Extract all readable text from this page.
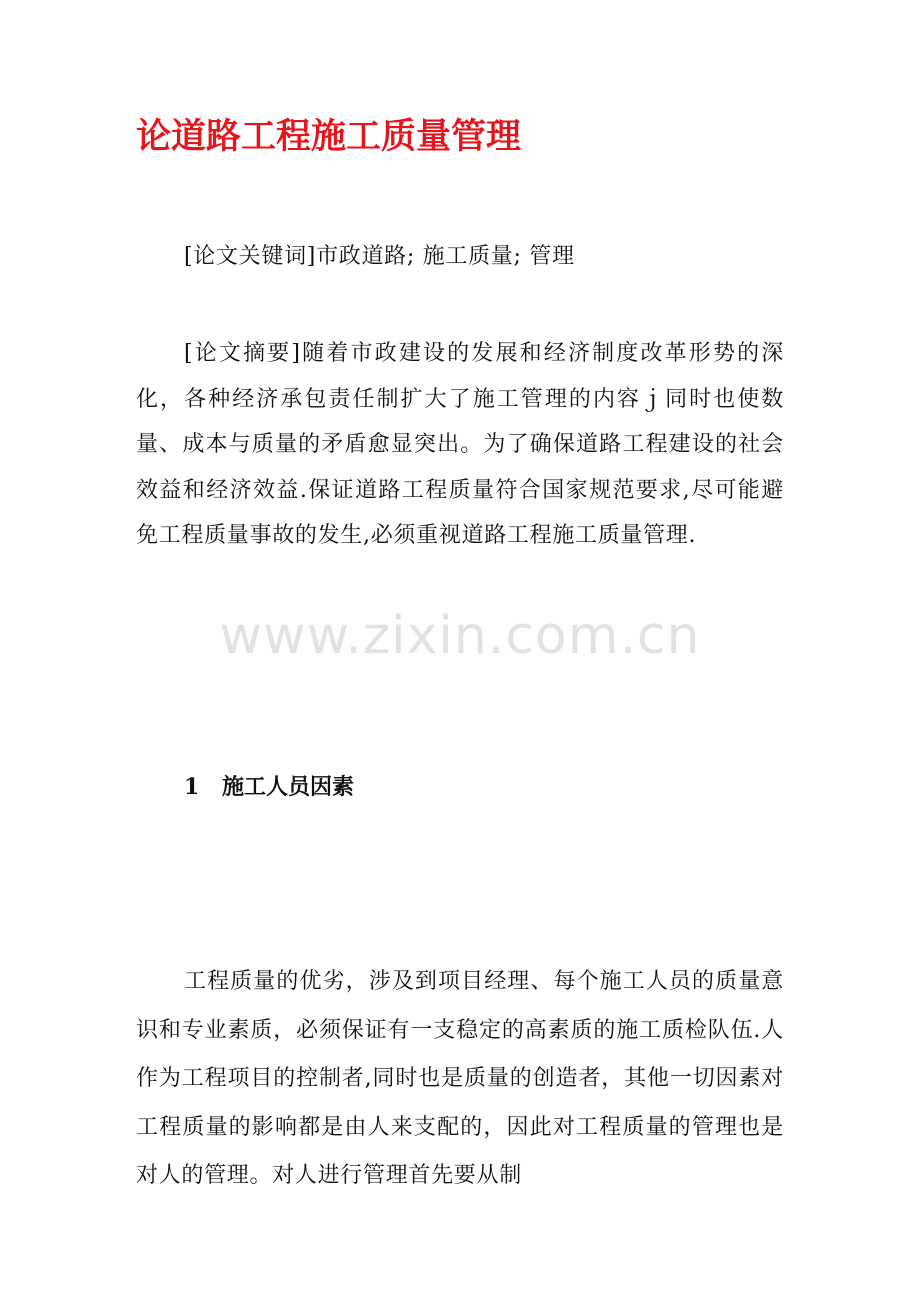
论道路工程施工质量管理

[论文关键词]市政道路; 施工质量; 管理

[论文摘要]随着市政建设的发展和经济制度改革形势的深化，各种经济承包责任制扩大了施工管理的内容ｊ同时也使数量、成本与质量的矛盾愈显突出。为了确保道路工程建设的社会效益和经济效益.保证道路工程质量符合国家规范要求,尽可能避免工程质量事故的发生,必须重视道路工程施工质量管理.

www.zixin.com.cn
1 施工人员因素

工程质量的优劣，涉及到项目经理、每个施工人员的质量意识和专业素质，必须保证有一支稳定的高素质的施工质检队伍.人作为工程项目的控制者,同时也是质量的创造者，其他一切因素对工程质量的影响都是由人来支配的，因此对工程质量的管理也是对人的管理。对人进行管理首先要从制
